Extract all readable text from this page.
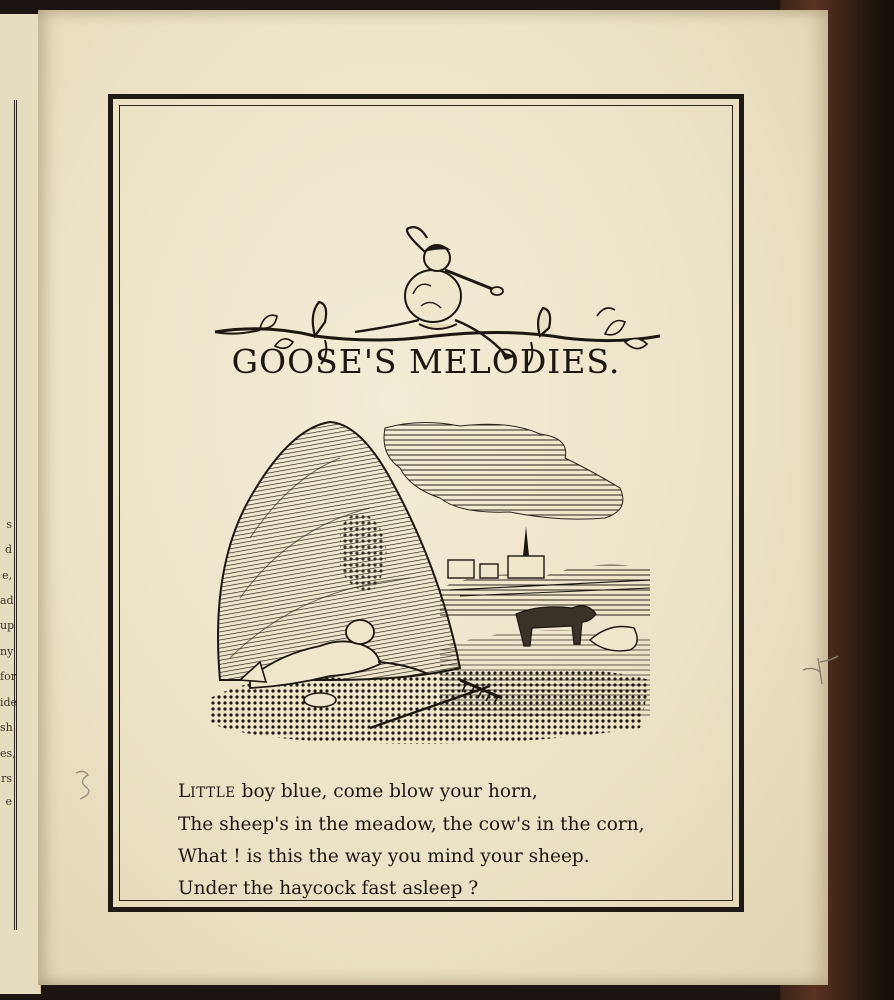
s
d
e,
ad
up
ny
for
ide
sh.
es,
rs
e
GOOSE'S MELODIES.
LITTLE boy blue, come blow your horn,
The sheep's in the meadow, the cow's in the corn,
What ! is this the way you mind your sheep.
Under the haycock fast asleep ?
